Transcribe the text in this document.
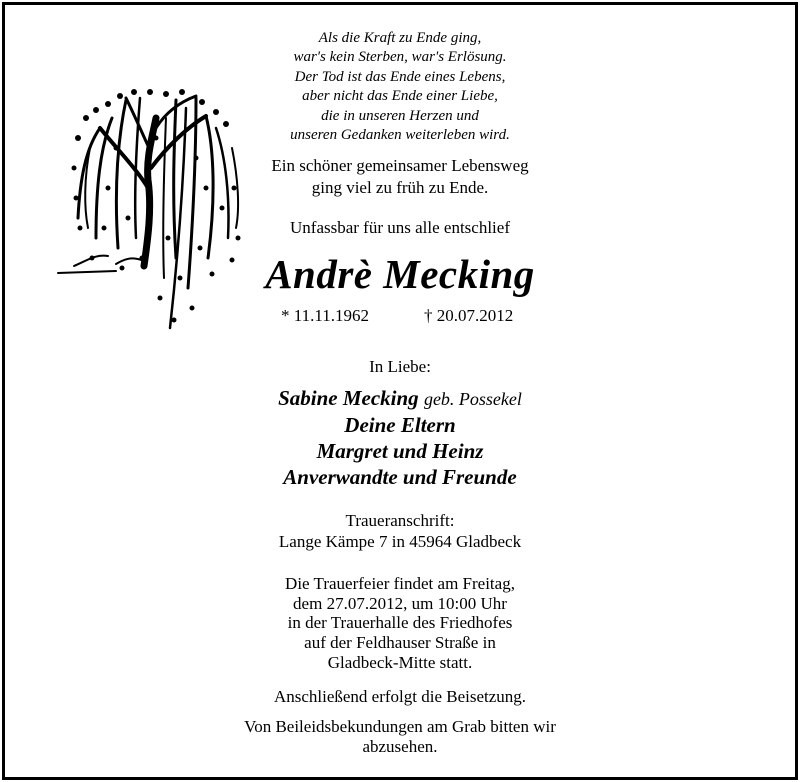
Als die Kraft zu Ende ging,
war's kein Sterben, war's Erlösung.
Der Tod ist das Ende eines Lebens,
aber nicht das Ende einer Liebe,
die in unseren Herzen und
unseren Gedanken weiterleben wird.
Ein schöner gemeinsamer Lebensweg
ging viel zu früh zu Ende.
Unfassbar für uns alle entschlief
Andrè Mecking
* 11.11.1962	† 20.07.2012
In Liebe:
Sabine Mecking geb. Possekel
Deine Eltern
Margret und Heinz
Anverwandte und Freunde
Traueranschrift:
Lange Kämpe 7 in 45964 Gladbeck
Die Trauerfeier findet am Freitag,
dem 27.07.2012, um 10:00 Uhr
in der Trauerhalle des Friedhofes
auf der Feldhauser Straße in
Gladbeck-Mitte statt.
Anschließend erfolgt die Beisetzung.
Von Beileidsbekundungen am Grab bitten wir
abzusehen.
